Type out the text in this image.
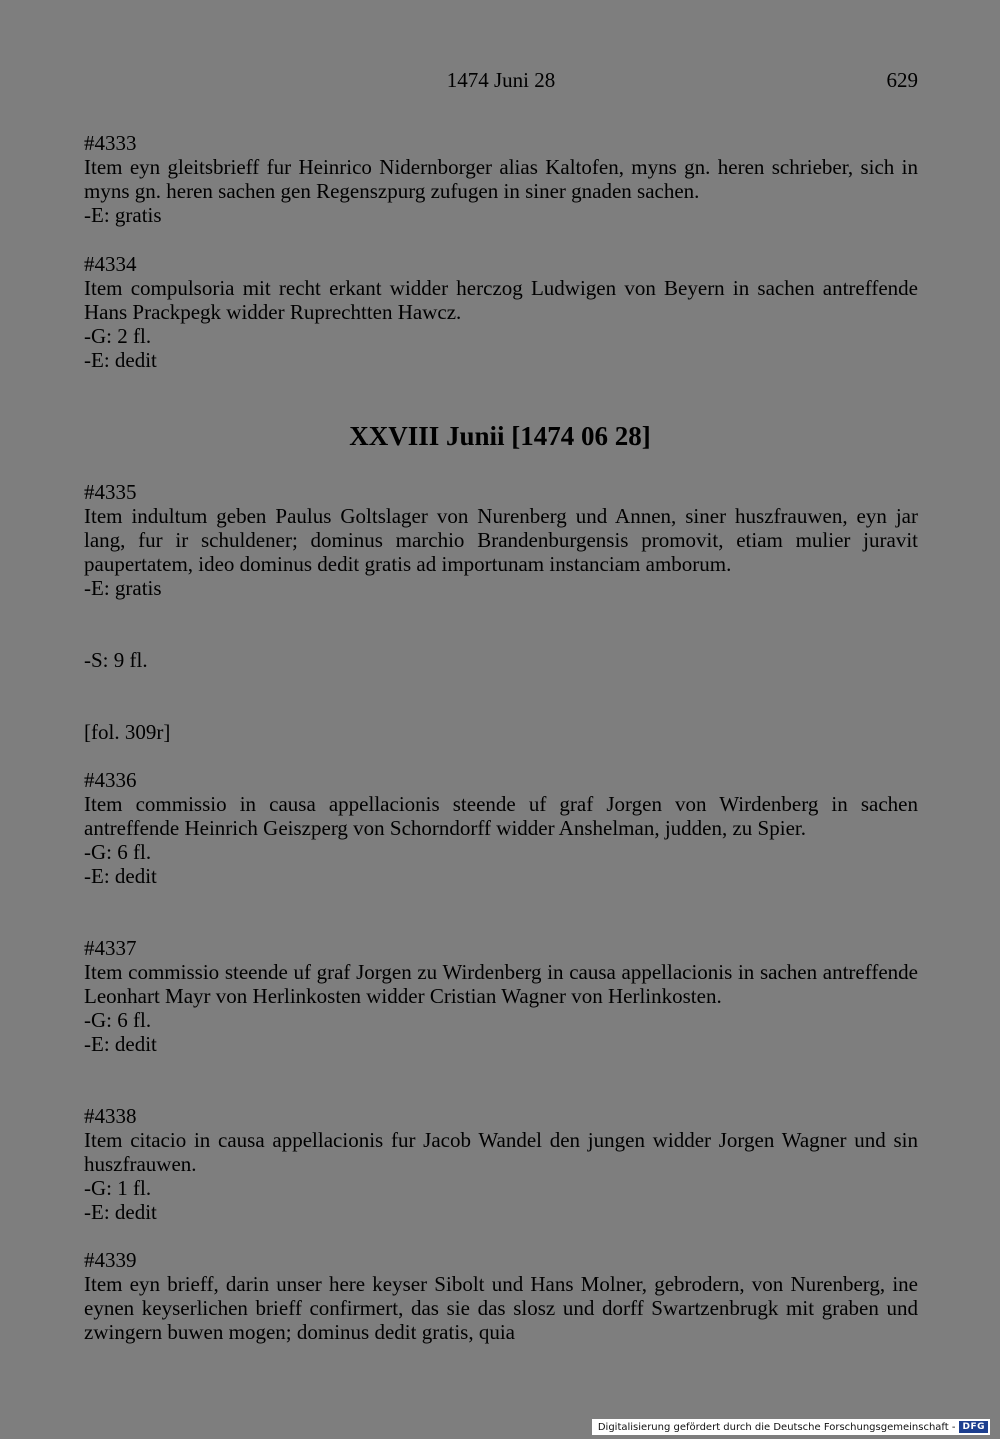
1474 Juni 28	629
#4333
Item eyn gleitsbrieff fur Heinrico Nidernborger alias Kaltofen, myns gn. heren schrieber, sich in myns gn. heren sachen gen Regenszpurg zufugen in siner gnaden sachen.
-E: gratis
#4334
Item compulsoria mit recht erkant widder herczog Ludwigen von Beyern in sachen antreffende Hans Prackpegk widder Ruprechtten Hawcz.
-G: 2 fl.
-E: dedit
XXVIII Junii [1474 06 28]
#4335
Item indultum geben Paulus Goltslager von Nurenberg und Annen, siner huszfrauwen, eyn jar lang, fur ir schuldener; dominus marchio Brandenburgensis promovit, etiam mulier juravit paupertatem, ideo dominus dedit gratis ad importunam instanciam amborum.
-E: gratis
-S: 9 fl.
[fol. 309r]
#4336
Item commissio in causa appellacionis steende uf graf Jorgen von Wirdenberg in sachen antreffende Heinrich Geiszperg von Schorndorff widder Anshelman, judden, zu Spier.
-G: 6 fl.
-E: dedit
#4337
Item commissio steende uf graf Jorgen zu Wirdenberg in causa appellacionis in sachen antreffende Leonhart Mayr von Herlinkosten widder Cristian Wagner von Herlinkosten.
-G: 6 fl.
-E: dedit
#4338
Item citacio in causa appellacionis fur Jacob Wandel den jungen widder Jorgen Wagner und sin huszfrauwen.
-G: 1 fl.
-E: dedit
#4339
Item eyn brieff, darin unser here keyser Sibolt und Hans Molner, gebrodern, von Nurenberg, ine eynen keyserlichen brieff confirmert, das sie das slosz und dorff Swartzenbrugk mit graben und zwingern buwen mogen; dominus dedit gratis, quia
Digitalisierung gefördert durch die Deutsche Forschungsgemeinschaft - DFG
